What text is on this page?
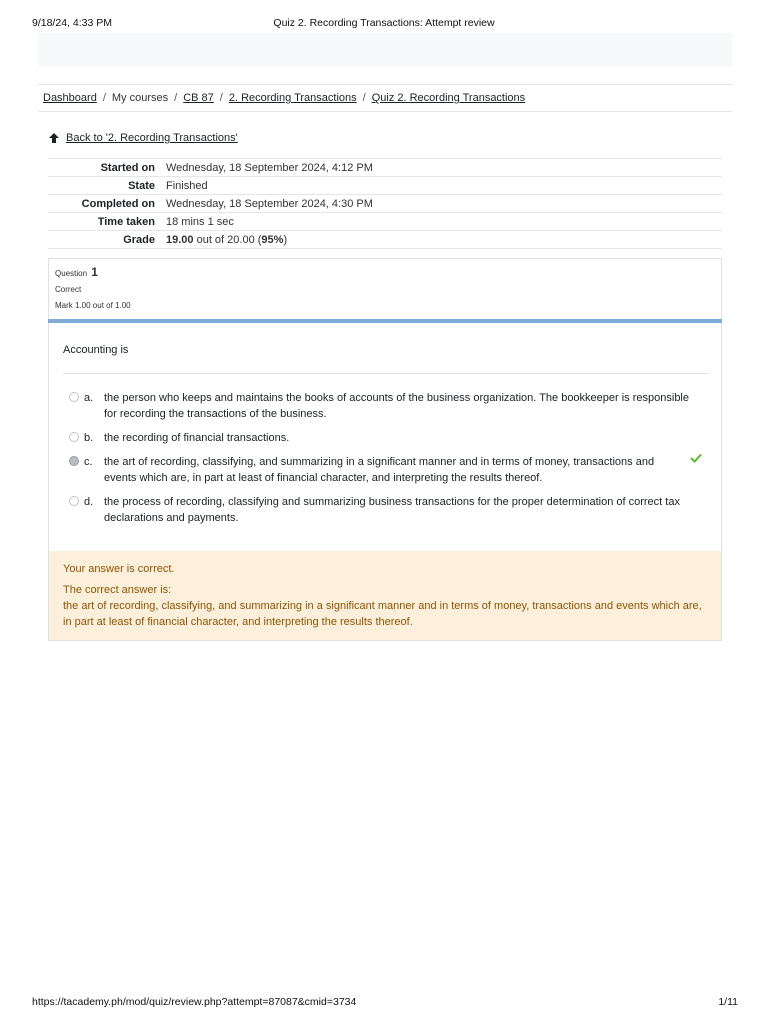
9/18/24, 4:33 PM	Quiz 2. Recording Transactions: Attempt review
Dashboard / My courses / CB 87 / 2. Recording Transactions / Quiz 2. Recording Transactions
Back to '2. Recording Transactions'
Started on	Wednesday, 18 September 2024, 4:12 PM
State	Finished
Completed on	Wednesday, 18 September 2024, 4:30 PM
Time taken	18 mins 1 sec
Grade	19.00 out of 20.00 (95%)
Question 1
Correct
Mark 1.00 out of 1.00
Accounting is
a. the person who keeps and maintains the books of accounts of the business organization. The bookkeeper is responsible for recording the transactions of the business.
b. the recording of financial transactions.
c. the art of recording, classifying, and summarizing in a significant manner and in terms of money, transactions and events which are, in part at least of financial character, and interpreting the results thereof.
d. the process of recording, classifying and summarizing business transactions for the proper determination of correct tax declarations and payments.
Your answer is correct.
The correct answer is:
the art of recording, classifying, and summarizing in a significant manner and in terms of money, transactions and events which are, in part at least of financial character, and interpreting the results thereof.
https://tacademy.ph/mod/quiz/review.php?attempt=87087&cmid=3734	1/11
